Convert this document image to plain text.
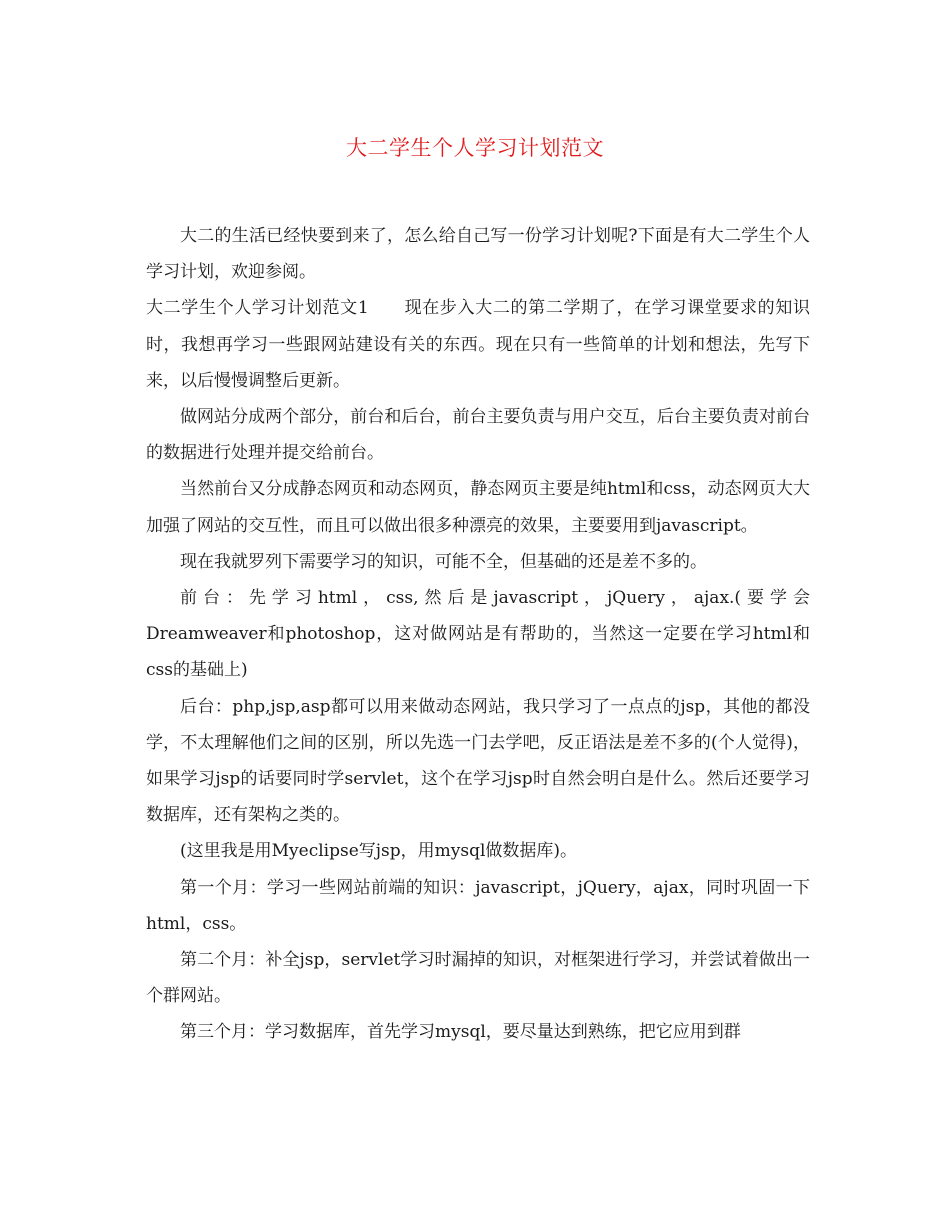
大二学生个人学习计划范文

大二的生活已经快要到来了，怎么给自己写一份学习计划呢?下面是有大二学生个人学习计划，欢迎参阅。

大二学生个人学习计划范文1　　现在步入大二的第二学期了，在学习课堂要求的知识时，我想再学习一些跟网站建设有关的东西。现在只有一些简单的计划和想法，先写下来，以后慢慢调整后更新。

做网站分成两个部分，前台和后台，前台主要负责与用户交互，后台主要负责对前台的数据进行处理并提交给前台。

当然前台又分成静态网页和动态网页，静态网页主要是纯html和css，动态网页大大加强了网站的交互性，而且可以做出很多种漂亮的效果，主要要用到javascript。

现在我就罗列下需要学习的知识，可能不全，但基础的还是差不多的。

前台：先学习html，css,然后是javascript，jQuery，ajax.(要学会Dreamweaver和photoshop，这对做网站是有帮助的，当然这一定要在学习html和css的基础上)

后台：php,jsp,asp都可以用来做动态网站，我只学习了一点点的jsp，其他的都没学，不太理解他们之间的区别，所以先选一门去学吧，反正语法是差不多的(个人觉得)，如果学习jsp的话要同时学servlet，这个在学习jsp时自然会明白是什么。然后还要学习数据库，还有架构之类的。

(这里我是用Myeclipse写jsp，用mysql做数据库)。

第一个月：学习一些网站前端的知识：javascript，jQuery，ajax，同时巩固一下html，css。

第二个月：补全jsp，servlet学习时漏掉的知识，对框架进行学习，并尝试着做出一个群网站。

第三个月：学习数据库，首先学习mysql，要尽量达到熟练，把它应用到群
